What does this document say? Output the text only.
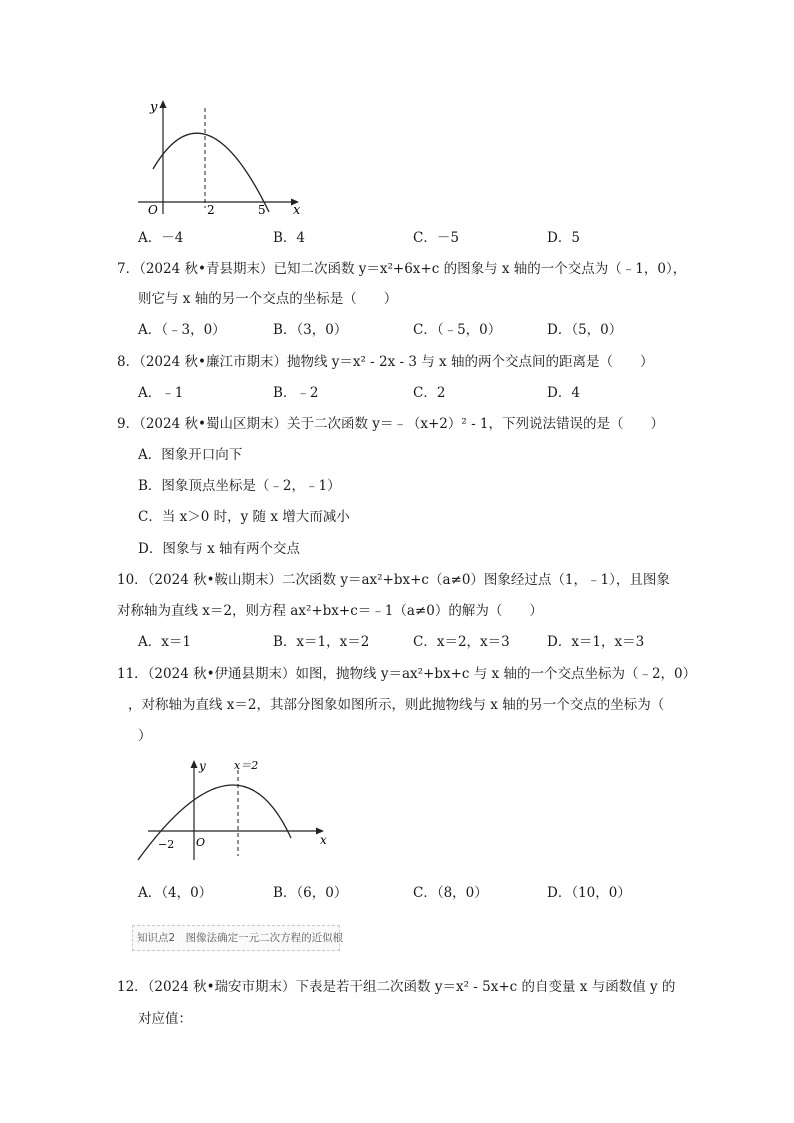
y
x
O	2	5
A．－4	B．4	C．－5	D．5
7．（2024 秋•青县期末）已知二次函数 y＝x²+6x+c 的图象与 x 轴的一个交点为（﹣1，0），
则它与 x 轴的另一个交点的坐标是（　　）
A．（﹣3，0）	B．（3，0）	C．（﹣5，0）	D．（5，0）
8．（2024 秋•廉江市期末）抛物线 y＝x² - 2x - 3 与 x 轴的两个交点间的距离是（　　）
A．﹣1	B．﹣2	C．2	D．4
9．（2024 秋•蜀山区期末）关于二次函数 y＝﹣（x+2）² - 1，下列说法错误的是（　　）
A．图象开口向下
B．图象顶点坐标是（﹣2，﹣1）
C．当 x＞0 时，y 随 x 增大而减小
D．图象与 x 轴有两个交点
10．（2024 秋•鞍山期末）二次函数 y＝ax²+bx+c（a≠0）图象经过点（1，﹣1），且图象
对称轴为直线 x＝2，则方程 ax²+bx+c＝﹣1（a≠0）的解为（　　）
A．x＝1	B．x＝1，x＝2	C．x＝2，x＝3	D．x＝1，x＝3
11．（2024 秋•伊通县期末）如图，抛物线 y＝ax²+bx+c 与 x 轴的一个交点坐标为（﹣2，0）
，对称轴为直线 x＝2，其部分图象如图所示，则此抛物线与 x 轴的另一个交点的坐标为（
）
y
x
O
−2
x＝2
A．（4，0）	B．（6，0）	C．（8，0）	D．（10，0）
知识点2　图像法确定一元二次方程的近似根
12．（2024 秋•瑞安市期末）下表是若干组二次函数 y＝x² - 5x+c 的自变量 x 与函数值 y 的
对应值：
